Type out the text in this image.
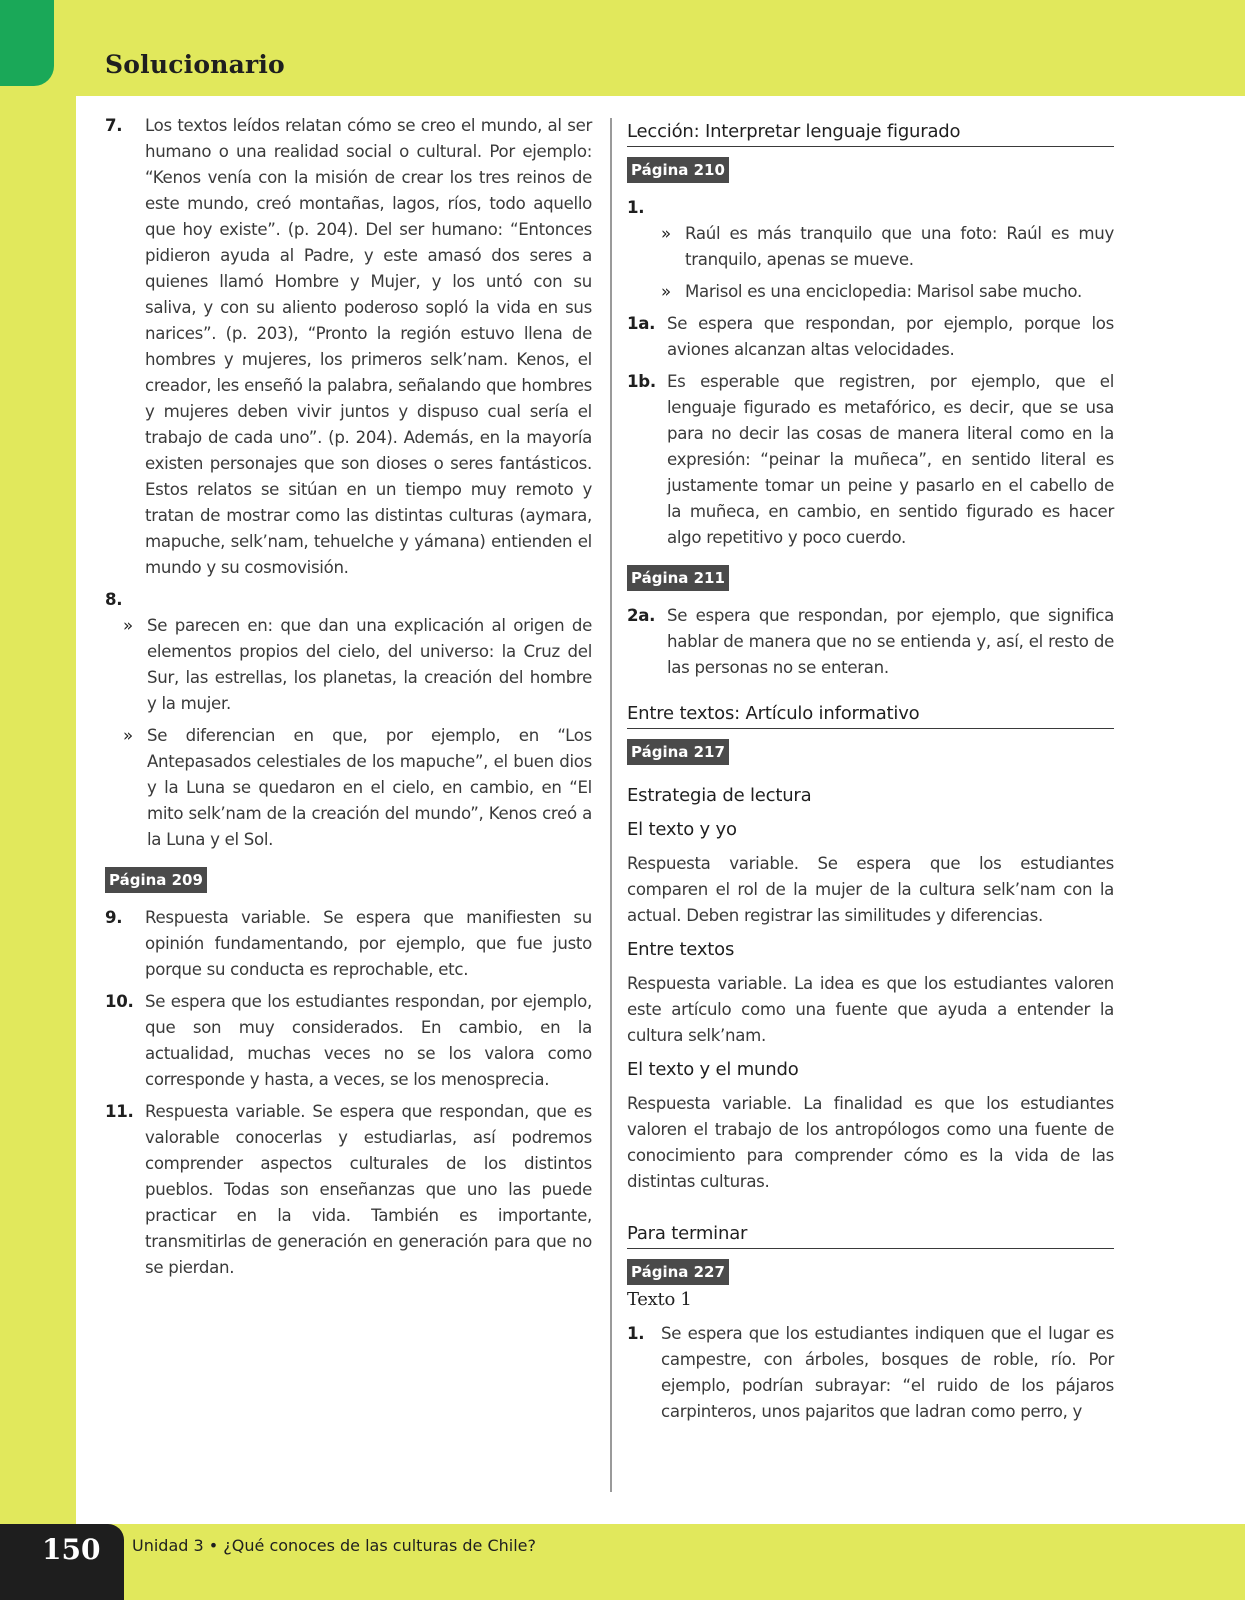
Solucionario
7.	Los textos leídos relatan cómo se creo el mundo, al ser humano o una realidad social o cultural. Por ejemplo: “Kenos venía con la misión de crear los tres reinos de este mundo, creó montañas, lagos, ríos, todo aquello que hoy existe”. (p. 204). Del ser humano: “Entonces pidieron ayuda al Padre, y este amasó dos seres a quienes llamó Hombre y Mujer, y los untó con su saliva, y con su aliento poderoso sopló la vida en sus narices”. (p. 203), “Pronto la región estuvo llena de hombres y mujeres, los primeros selk’nam. Kenos, el creador, les enseñó la palabra, señalando que hombres y mujeres deben vivir juntos y dispuso cual sería el trabajo de cada uno”. (p. 204). Además, en la mayoría existen personajes que son dioses o seres fantásticos. Estos relatos se sitúan en un tiempo muy remoto y tratan de mostrar como las distintas culturas (aymara, mapuche, selk’nam, tehuelche y yámana) entienden el mundo y su cosmovisión.
8.
» Se parecen en: que dan una explicación al origen de elementos propios del cielo, del universo: la Cruz del Sur, las estrellas, los planetas, la creación del hombre y la mujer.
» Se diferencian en que, por ejemplo, en “Los Antepasados celestiales de los mapuche”, el buen dios y la Luna se quedaron en el cielo, en cambio, en “El mito selk’nam de la creación del mundo”, Kenos creó a la Luna y el Sol.
Página 209
9.	Respuesta variable. Se espera que manifiesten su opinión fundamentando, por ejemplo, que fue justo porque su conducta es reprochable, etc.
10. Se espera que los estudiantes respondan, por ejemplo, que son muy considerados. En cambio, en la actualidad, muchas veces no se los valora como corresponde y hasta, a veces, se los menosprecia.
11. Respuesta variable. Se espera que respondan, que es valorable conocerlas y estudiarlas, así podremos comprender aspectos culturales de los distintos pueblos. Todas son enseñanzas que uno las puede practicar en la vida. También es importante, transmitirlas de generación en generación para que no se pierdan.
Lección: Interpretar lenguaje figurado
Página 210
1.
» Raúl es más tranquilo que una foto: Raúl es muy tranquilo, apenas se mueve.
» Marisol es una enciclopedia: Marisol sabe mucho.
1a. Se espera que respondan, por ejemplo, porque los aviones alcanzan altas velocidades.
1b. Es esperable que registren, por ejemplo, que el lenguaje figurado es metafórico, es decir, que se usa para no decir las cosas de manera literal como en la expresión: “peinar la muñeca”, en sentido literal es justamente tomar un peine y pasarlo en el cabello de la muñeca, en cambio, en sentido figurado es hacer algo repetitivo y poco cuerdo.
Página 211
2a. Se espera que respondan, por ejemplo, que significa hablar de manera que no se entienda y, así, el resto de las personas no se enteran.
Entre textos: Artículo informativo
Página 217
Estrategia de lectura
El texto y yo

Respuesta variable. Se espera que los estudiantes comparen el rol de la mujer de la cultura selk’nam con la actual. Deben registrar las similitudes y diferencias.

Entre textos

Respuesta variable. La idea es que los estudiantes valoren este artículo como una fuente que ayuda a entender la cultura selk’nam.

El texto y el mundo

Respuesta variable. La finalidad es que los estudiantes valoren el trabajo de los antropólogos como una fuente de conocimiento para comprender cómo es la vida de las distintas culturas.

Para terminar
Página 227
Texto 1
1.	Se espera que los estudiantes indiquen que el lugar es campestre, con árboles, bosques de roble, río. Por ejemplo, podrían subrayar: “el ruido de los pájaros carpinteros, unos pajaritos que ladran como perro, y
150 Unidad 3 • ¿Qué conoces de las culturas de Chile?
